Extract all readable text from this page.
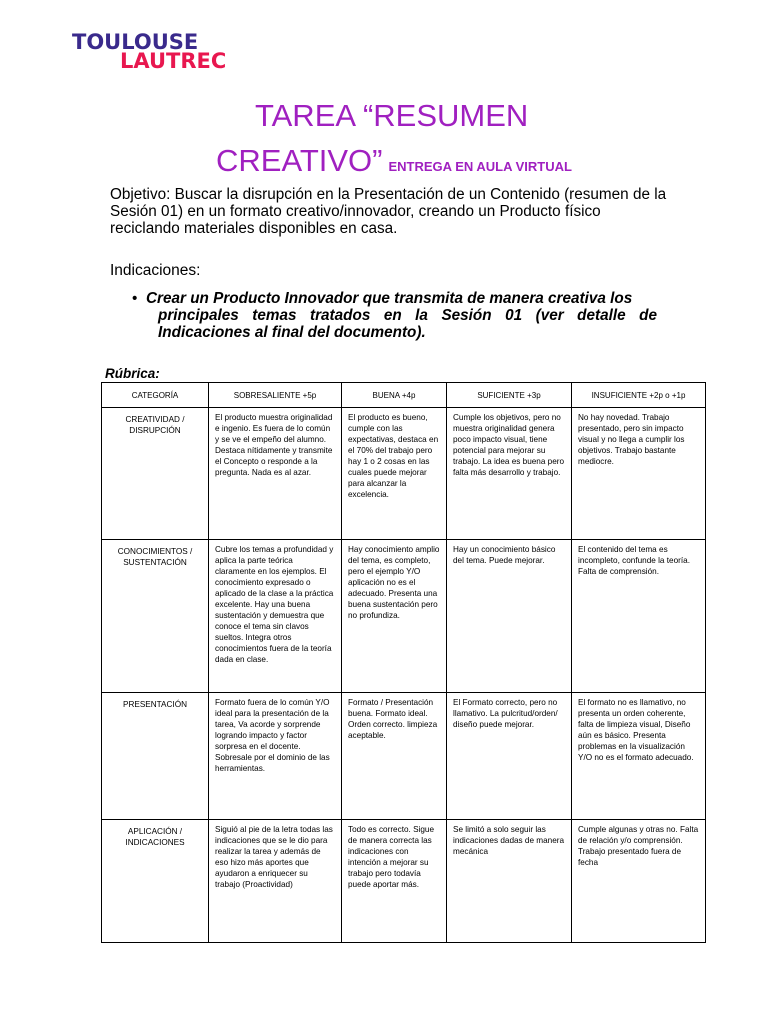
TOULOUSE
LAUTREC
TAREA “RESUMEN
CREATIVO” ENTREGA EN AULA VIRTUAL
Objetivo: Buscar la disrupción en la Presentación de un Contenido (resumen de la Sesión 01) en un formato creativo/innovador, creando un Producto físico reciclando materiales disponibles en casa.
Indicaciones:
• Crear un Producto Innovador que transmita de manera creativa los
principales temas tratados en la Sesión 01 (ver detalle de Indicaciones al final del documento).
Rúbrica:
CATEGORÍA	SOBRESALIENTE +5p	BUENA +4p	SUFICIENTE +3p	INSUFICIENTE +2p o +1p
CREATIVIDAD / DISRUPCIÓN	El producto muestra originalidad e ingenio. Es fuera de lo común y se ve el empeño del alumno. Destaca nítidamente y transmite el Concepto o responde a la pregunta. Nada es al azar.	El producto es bueno, cumple con las expectativas, destaca en el 70% del trabajo pero hay 1 o 2 cosas en las cuales puede mejorar para alcanzar la excelencia.	Cumple los objetivos, pero no muestra originalidad genera poco impacto visual, tiene potencial para mejorar su trabajo. La idea es buena pero falta más desarrollo y trabajo.	No hay novedad. Trabajo presentado, pero sin impacto visual y no llega a cumplir los objetivos. Trabajo bastante mediocre.
CONOCIMIENTOS / SUSTENTACIÓN	Cubre los temas a profundidad y aplica la parte teórica claramente en los ejemplos. El conocimiento expresado o aplicado de la clase a la práctica excelente. Hay una buena sustentación y demuestra que conoce el tema sin clavos sueltos. Integra otros conocimientos fuera de la teoría dada en clase.	Hay conocimiento amplio del tema, es completo, pero el ejemplo Y/O aplicación no es el adecuado. Presenta una buena sustentación pero no profundiza.	Hay un conocimiento básico del tema. Puede mejorar.	El contenido del tema es incompleto, confunde la teoría. Falta de comprensión.
PRESENTACIÓN	Formato fuera de lo común Y/O ideal para la presentación de la tarea, Va acorde y sorprende logrando impacto y factor sorpresa en el docente. Sobresale por el dominio de las herramientas.	Formato / Presentación buena. Formato ideal. Orden correcto. limpieza aceptable.	El Formato correcto, pero no llamativo. La pulcritud/orden/ diseño puede mejorar.	El formato no es llamativo, no presenta un orden coherente, falta de limpieza visual, Diseño aún es básico. Presenta problemas en la visualización Y/O no es el formato adecuado.
APLICACIÓN / INDICACIONES	Siguió al pie de la letra todas las indicaciones que se le dio para realizar la tarea y además de eso hizo más aportes que ayudaron a enriquecer su trabajo (Proactividad)	Todo es correcto. Sigue de manera correcta las indicaciones con intención a mejorar su trabajo pero todavía puede aportar más.	Se limitó a solo seguir las indicaciones dadas de manera mecánica	Cumple algunas y otras no. Falta de relación y/o comprensión. Trabajo presentado fuera de fecha
